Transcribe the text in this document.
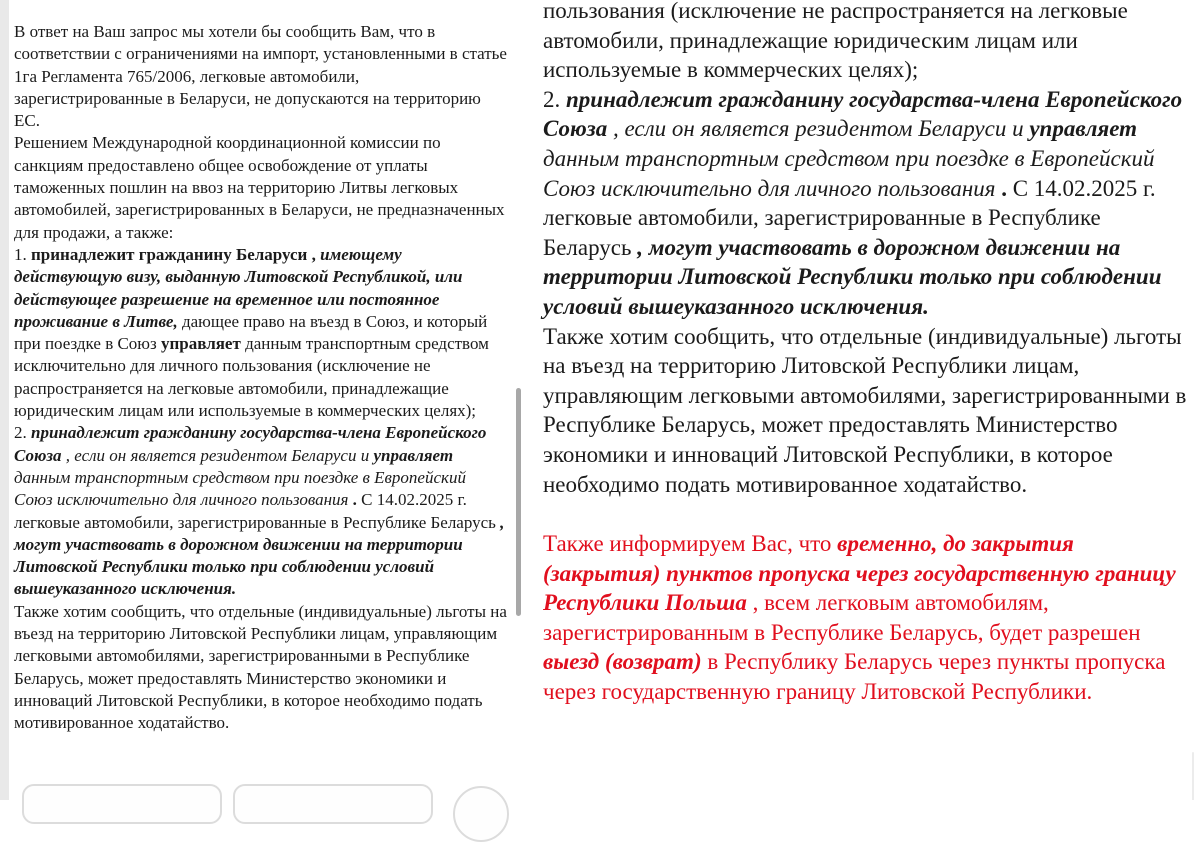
В ответ на Ваш запрос мы хотели бы сообщить Вам, что в соответствии с ограничениями на импорт, установленными в статье 1га Регламента 765/2006, легковые автомобили, зарегистрированные в Беларуси, не допускаются на территорию ЕС.

Решением Международной координационной комиссии по санкциям предоставлено общее освобождение от уплаты таможенных пошлин на ввоз на территорию Литвы легковых автомобилей, зарегистрированных в Беларуси, не предназначенных для продажи, а также:

1. принадлежит гражданину Беларуси , имеющему действующую визу, выданную Литовской Республикой, или действующее разрешение на временное или постоянное проживание в Литве, дающее право на въезд в Союз, и который при поездке в Союз управляет данным транспортным средством исключительно для личного пользования (исключение не распространяется на легковые автомобили, принадлежащие юридическим лицам или используемые в коммерческих целях);

2. принадлежит гражданину государства-члена Европейского Союза , если он является резидентом Беларуси и управляет данным транспортным средством при поездке в Европейский Союз исключительно для личного пользования . С 14.02.2025 г. легковые автомобили, зарегистрированные в Республике Беларусь , могут участвовать в дорожном движении на территории Литовской Республики только при соблюдении условий вышеуказанного исключения.

Также хотим сообщить, что отдельные (индивидуальные) льготы на въезд на территорию Литовской Республики лицам, управляющим легковыми автомобилями, зарегистрированными в Республике Беларусь, может предоставлять Министерство экономики и инноваций Литовской Республики, в которое необходимо подать мотивированное ходатайство.

пользования (исключение не распространяется на легковые автомобили, принадлежащие юридическим лицам или используемые в коммерческих целях);

2. принадлежит гражданину государства-члена Европейского Союза , если он является резидентом Беларуси и управляет данным транспортным средством при поездке в Европейский Союз исключительно для личного пользования . С 14.02.2025 г. легковые автомобили, зарегистрированные в Республике Беларусь , могут участвовать в дорожном движении на территории Литовской Республики только при соблюдении условий вышеуказанного исключения.

Также хотим сообщить, что отдельные (индивидуальные) льготы на въезд на территорию Литовской Республики лицам, управляющим легковыми автомобилями, зарегистрированными в Республике Беларусь, может предоставлять Министерство экономики и инноваций Литовской Республики, в которое необходимо подать мотивированное ходатайство.

Также информируем Вас, что временно, до закрытия (закрытия) пунктов пропуска через государственную границу Республики Польша , всем легковым автомобилям, зарегистрированным в Республике Беларусь, будет разрешен выезд (возврат) в Республику Беларусь через пункты пропуска через государственную границу Литовской Республики.
